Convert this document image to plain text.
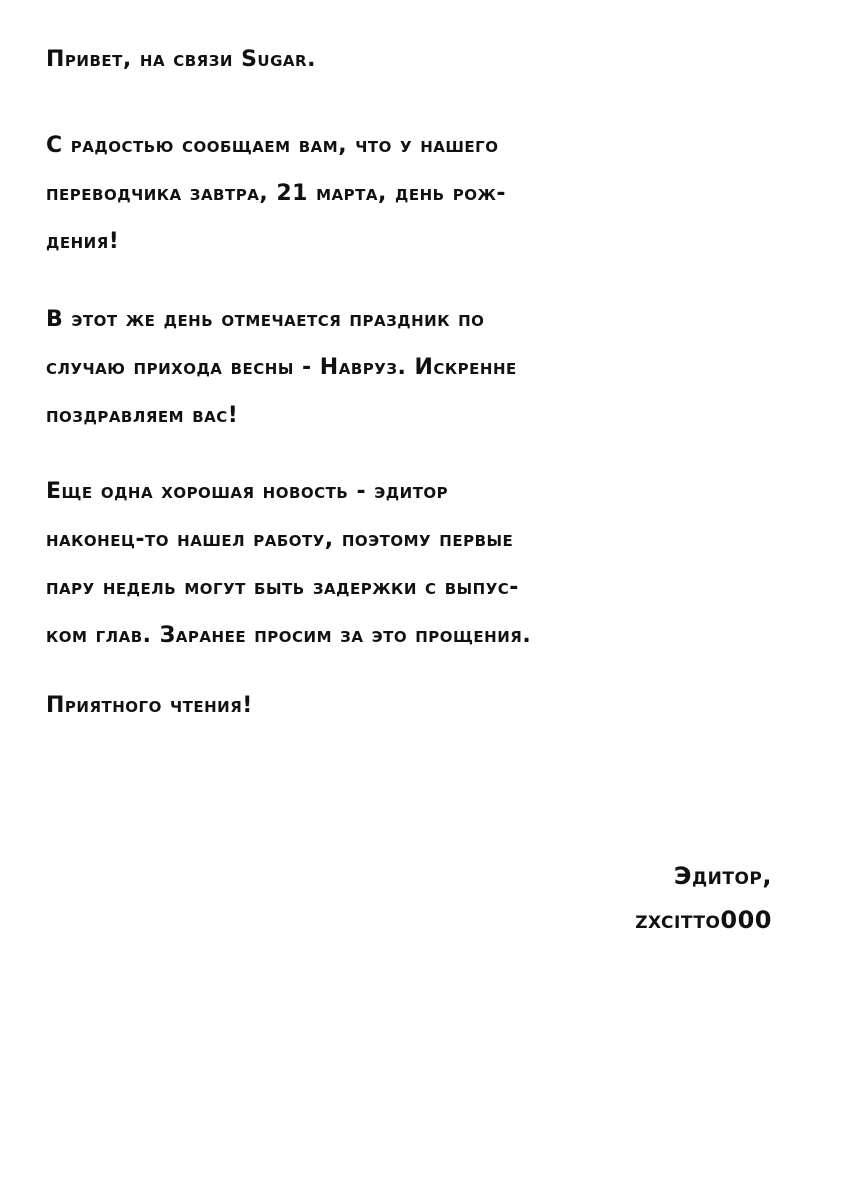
Привет, на связи Sugar.

С радостью сообщаем вам, что у нашего
переводчика завтра, 21 марта, день рож-
дения!

В этот же день отмечается праздник по
случаю прихода весны - Навруз. Искренне
поздравляем вас!

Еще одна хорошая новость - эдитор
наконец-то нашел работу, поэтому первые
пару недель могут быть задержки с выпус-
ком глав. Заранее просим за это прощения.

Приятного чтения!

Эдитор,
zxcitto000
